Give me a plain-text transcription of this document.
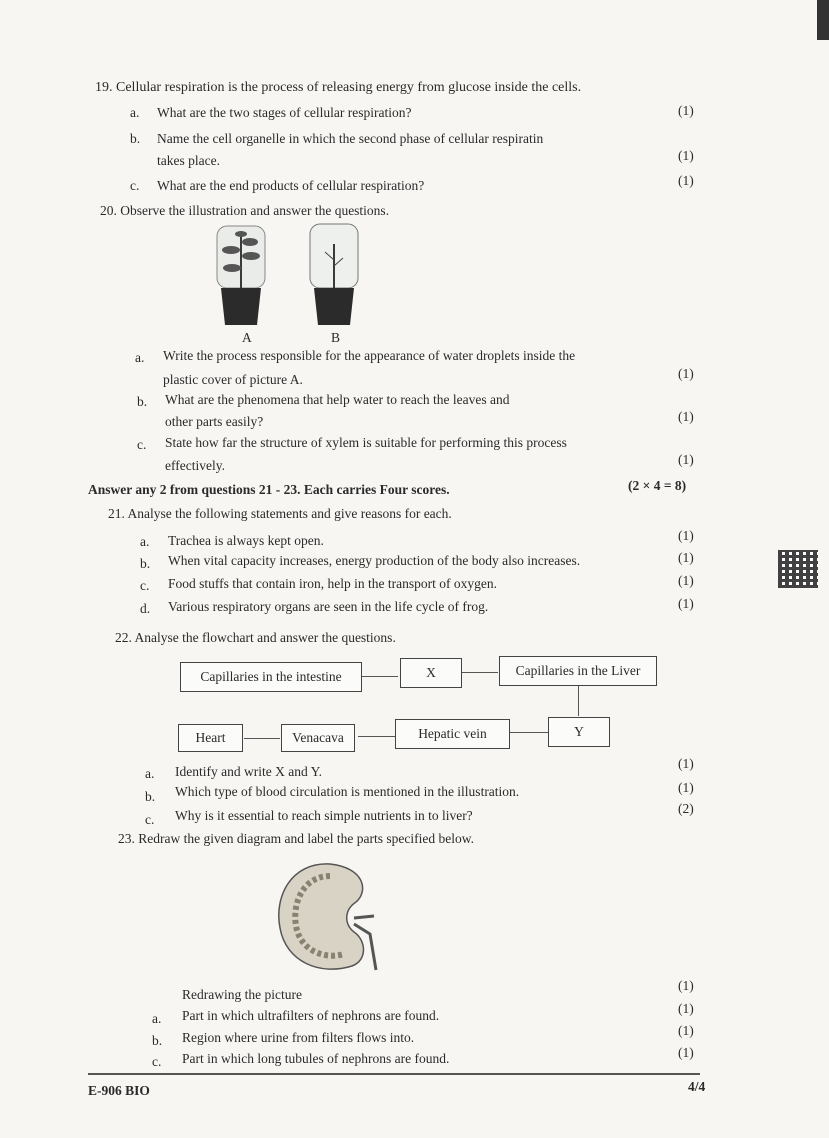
19. Cellular respiration is the process of releasing energy from glucose inside the cells.
a. What are the two stages of cellular respiration?	(1)
b. Name the cell organelle in which the second phase of cellular respiratin
takes place.	(1)
c. What are the end products of cellular respiration?	(1)
20. Observe the illustration and answer the questions.
A	B
a. Write the process responsible for the appearance of water droplets inside the
plastic cover of picture A.	(1)
b. What are the phenomena that help water to reach the leaves and
other parts easily?	(1)
c. State how far the structure of xylem is suitable for performing this process
effectively.	(1)
Answer any 2 from questions 21 - 23. Each carries Four scores.	(2 × 4 = 8)
21. Analyse the following statements and give reasons for each.
a. Trachea is always kept open.	(1)
b. When vital capacity increases, energy production of the body also increases.	(1)
c. Food stuffs that contain iron, help in the transport of oxygen.	(1)
d. Various respiratory organs are seen in the life cycle of frog.	(1)
22. Analyse the flowchart and answer the questions.
Capillaries in the intestine	X	Capillaries in the Liver
Y
Hepatic vein
Venacava
Heart
a. Identify and write X and Y.
(1)
b. Which type of blood circulation is mentioned in the illustration.	(1)
c. Why is it essential to reach simple nutrients in to liver?	(2)
23. Redraw the given diagram and label the parts specified below.
Redrawing the picture
(1)
a. Part in which ultrafilters of nephrons are found.	(1)
b. Region where urine from filters flows into.	(1)
c. Part in which long tubules of nephrons are found.	(1)
E-906 BIO	4/4
